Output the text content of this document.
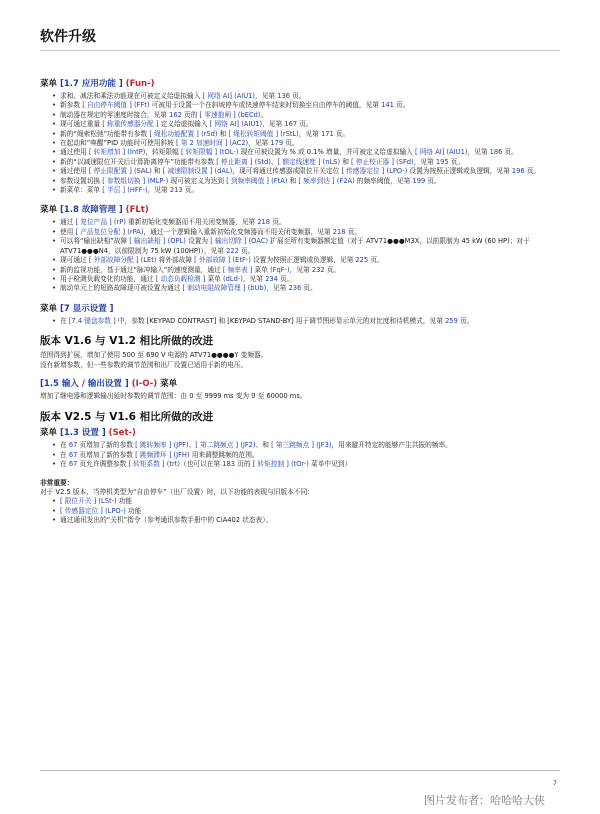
软件升级
菜单 [1.7 应用功能 ] (Fun-)
• 求和、减法和乘法功能现在可被定义给虚拟输入 [ 网络 AI] (AIU1)，见第 136 页。
• 新参数 [ 自由停车阈值 ] (FFt) 可被用于设置一个在斜坡停车或快速停车结束时切换至自由停车的阈值，见第 141 页。
• 制动器在规定的零速度时接合，见第 162 页的 [ 零速抱闸 ] (bECd)。
• 现可通过重量 [ 称重传感器分配 ] 定义给虚拟输入 [ 网络 AI] (AIU1)，见第 167 页。
• 新的“绳索松弛”功能带有参数 [ 绳松功能配置 ] (rSd) 和 [ 绳松转矩阈值 ] (rStL)，见第 171 页。
• 在起动和“唤醒”PID 功能时可使用斜坡 [ 第 2 加速时间 ] (AC2)，见第 179 页。
• 通过使用 [ 转矩增加 ] (IntP)，转矩限幅 [ 转矩限幅 ] (tOL-) 现在可被设置为 % 或 0.1% 增量，并可被定义给虚拟输入 [ 网络 AI] (AIU1)，见第 186 页。
• 新的“以减速限位开关后计算距离停车”功能带有参数 [ 停止距离 ] (Std)、[ 额定线速度 ] (nLS) 和 [ 停止校正器 ] (SFd)，见第 195 页。
• 通过使用 [ 停止限配置 ] (SAL) 和 [ 减速限制设置 ] (dAL)，现可将通过传感器或限位开关定位 [ 传感器定位 ] (LPO-) 设置为按照正逻辑或负逻辑，见第 196 页。
• 参数设置切换 [ 参数组切换 ] (MLP-) 现可被定义为达到 [ 到频率阈值 ] (FtA) 和 [ 频率到达 ] (F2A) 的频率阈值，见第 199 页。
• 新菜单：菜单 [ 半层 ] (HFF-)，见第 213 页。
菜单 [1.8 故障管理 ] (FLt)
• 通过 [ 复位产品 ] (rP) 重新初始化变频器而不用关闭变频器，见第 218 页。
• 使用 [ 产品复位分配 ] (rPA)，通过一个逻辑输入重新初始化变频器而不用关闭变频器，见第 218 页。
• 可以将“输出缺相”故障 [ 输出缺相 ] (OPL) 设置为 [ 输出切除 ] (OAC) 扩展至所有变频器额定值（对于 ATV71●●●M3X，以前限制为 45 kW (60 HP)；对于 ATV71●●●N4，以前限制为 75 kW (100HP)），见第 222 页。
• 现可通过 [ 外部故障分配 ] (LEt) 将外部故障 [ 外部故障 ] (EtF-) 设置为按照正逻辑或负逻辑，见第 225 页。
• 新的监视功能，基于通过“脉冲输入”的速度测量，通过 [ 频率表 ] 菜单 (FqF-)，见第 232 页。
• 用于检测负载变化的功能，通过 [ 动态负载检测 ] 菜单 (dLd-)，见第 234 页。
• 制动单元上的短路故障现可被设置为通过 [ 制动电阻故障管理 ] (bUb)，见第 236 页。
菜单 [7 显示设置 ]
• 在 [7.4 键盘参数 ] 中，参数 [KEYPAD CONTRAST] 和 [KEYPAD STAND-BY] 用于调节图形显示单元的对比度和待机模式，见第 259 页。
版本 V1.6 与 V1.2 相比所做的改进

范围得到扩展，增加了使用 500 至 690 V 电源的 ATV71●●●●Y 变频器。

没有新增参数，但一些参数的调节范围和出厂设置已适用于新的电压。

[1.5 输入 / 输出设置 ] (I-O-) 菜单

增加了继电器和逻辑输出延时参数的调节范围：由 0 至 9999 ms 变为 0 至 60000 ms。

版本 V2.5 与 V1.6 相比所做的改进
菜单 [1.3 设置 ] (Set-)
• 在 67 页增加了新的参数 [ 跳转频率 ] (JPF)、[ 第二跳频点 ] (JF2)、和 [ 第三跳频点 ] (JF3)，用来避开特定的能够产生共振的频率。
• 在 67 页增加了新的参数 [ 跳频滞环 ] (JFH) 用来调整跳频的范围。
• 在 67 页允许调整参数 [ 转矩系数 ] (trt)（也可以在第 183 页的 [ 转矩控制 ] (tOr-) 菜单中见到）

非常重要：

对于 V2.5 版本，当停机类型为“自由停车”（出厂设置）时，以下功能的表现与旧版本不同：

• [ 限位开关 ] (LSt-) 功能
• [ 传感器定位 ] (LPO-) 功能
• 通过通讯发出的“关机”指令（参考通讯参数手册中的 CiA402 状态表）。
7
图片发布者：哈哈哈大侠
